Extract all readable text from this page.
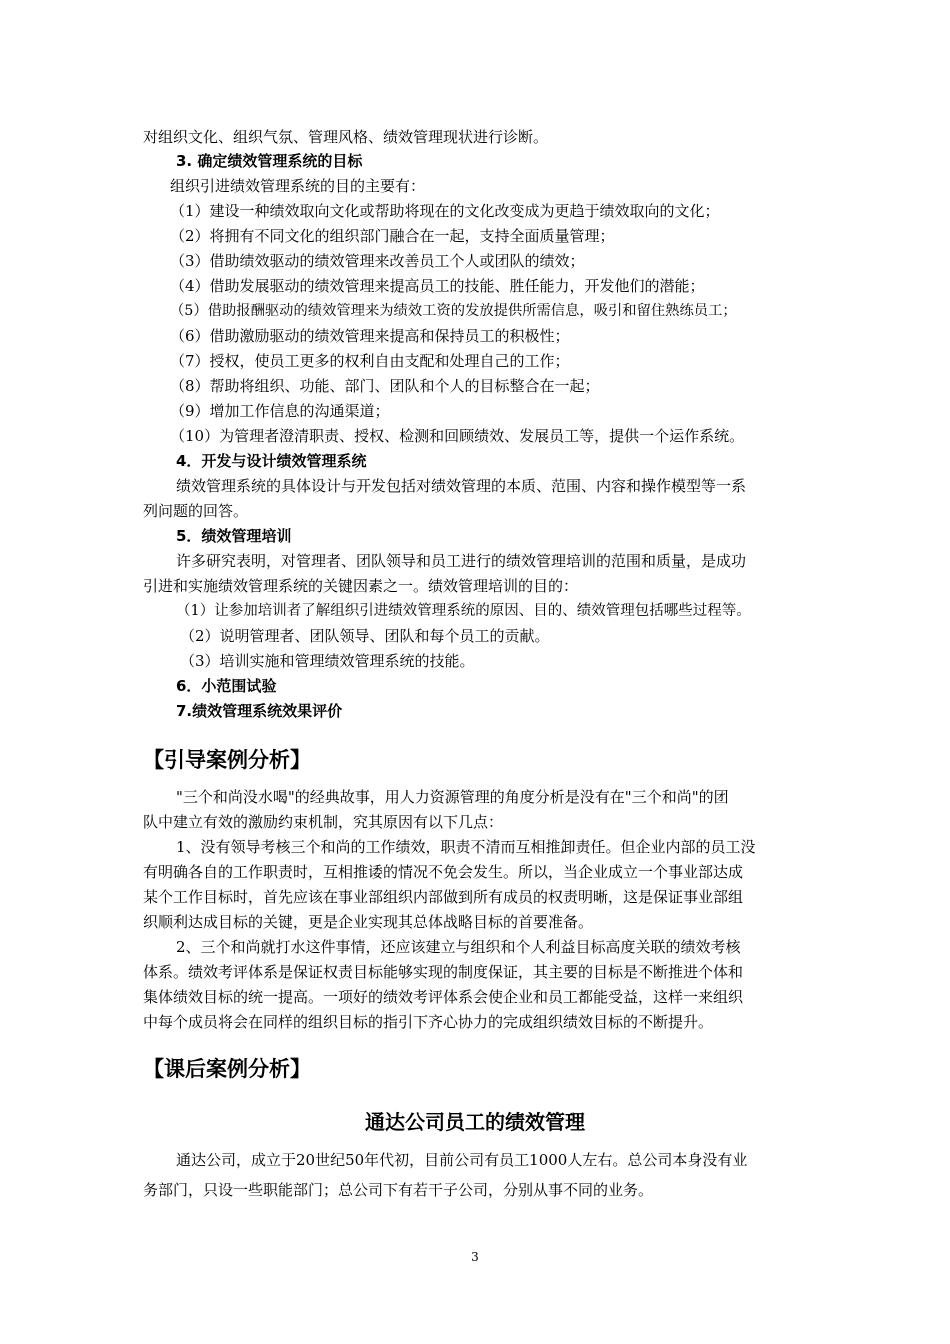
对组织文化、组织气氛、管理风格、绩效管理现状进行诊断。
3. 确定绩效管理系统的目标
组织引进绩效管理系统的目的主要有：
（1）建设一种绩效取向文化或帮助将现在的文化改变成为更趋于绩效取向的文化；
（2）将拥有不同文化的组织部门融合在一起，支持全面质量管理；
（3）借助绩效驱动的绩效管理来改善员工个人或团队的绩效；
（4）借助发展驱动的绩效管理来提高员工的技能、胜任能力，开发他们的潜能；
（5）借助报酬驱动的绩效管理来为绩效工资的发放提供所需信息，吸引和留住熟练员工；
（6）借助激励驱动的绩效管理来提高和保持员工的积极性；
（7）授权，使员工更多的权利自由支配和处理自己的工作；
（8）帮助将组织、功能、部门、团队和个人的目标整合在一起；
（9）增加工作信息的沟通渠道；
（10）为管理者澄清职责、授权、检测和回顾绩效、发展员工等，提供一个运作系统。
4．开发与设计绩效管理系统
绩效管理系统的具体设计与开发包括对绩效管理的本质、范围、内容和操作模型等一系
列问题的回答。
5．绩效管理培训
许多研究表明，对管理者、团队领导和员工进行的绩效管理培训的范围和质量，是成功
引进和实施绩效管理系统的关键因素之一。绩效管理培训的目的：
（1）让参加培训者了解组织引进绩效管理系统的原因、目的、绩效管理包括哪些过程等。
（2）说明管理者、团队领导、团队和每个员工的贡献。
（3）培训实施和管理绩效管理系统的技能。
6．小范围试验
7.绩效管理系统效果评价
【引导案例分析】
"三个和尚没水喝"的经典故事，用人力资源管理的角度分析是没有在"三个和尚"的团
队中建立有效的激励约束机制，究其原因有以下几点：
1、没有领导考核三个和尚的工作绩效，职责不清而互相推卸责任。但企业内部的员工没
有明确各自的工作职责时，互相推诿的情况不免会发生。所以，当企业成立一个事业部达成
某个工作目标时，首先应该在事业部组织内部做到所有成员的权责明晰，这是保证事业部组
织顺利达成目标的关键，更是企业实现其总体战略目标的首要准备。
2、三个和尚就打水这件事情，还应该建立与组织和个人利益目标高度关联的绩效考核
体系。绩效考评体系是保证权责目标能够实现的制度保证，其主要的目标是不断推进个体和
集体绩效目标的统一提高。一项好的绩效考评体系会使企业和员工都能受益，这样一来组织
中每个成员将会在同样的组织目标的指引下齐心协力的完成组织绩效目标的不断提升。
【课后案例分析】
通达公司员工的绩效管理
通达公司，成立于20世纪50年代初，目前公司有员工1000人左右。总公司本身没有业
务部门，只设一些职能部门；总公司下有若干子公司，分别从事不同的业务。
3
